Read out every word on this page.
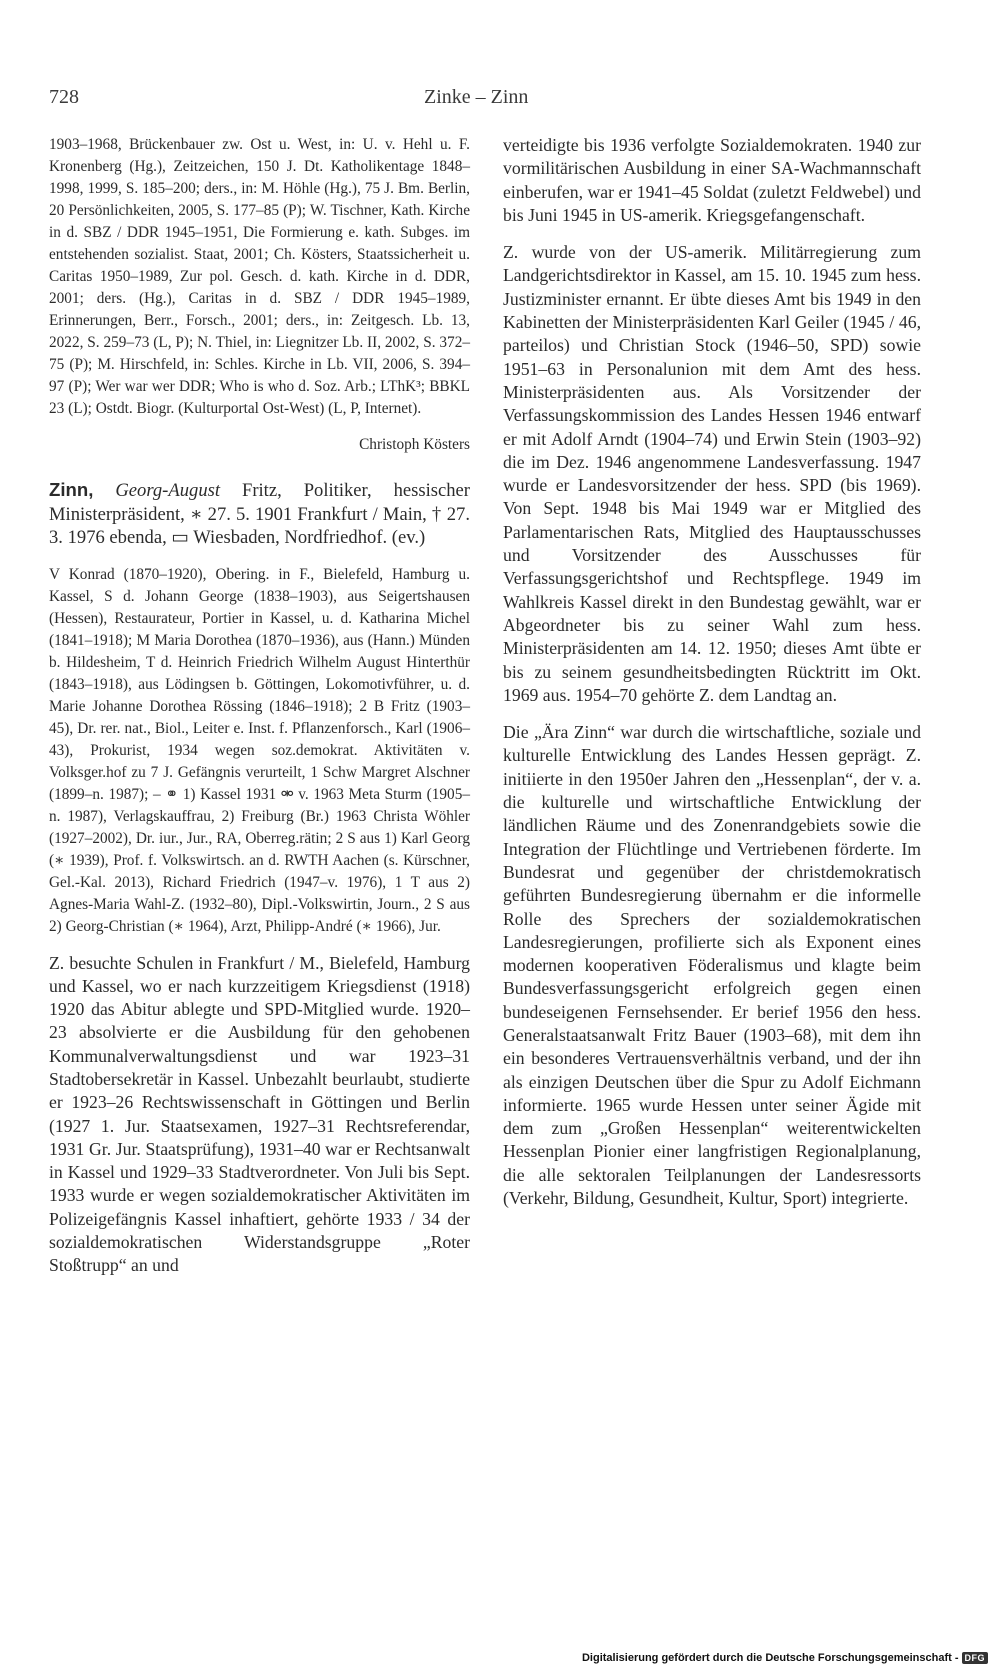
728	Zinke – Zinn

1903–1968, Brückenbauer zw. Ost u. West, in: U. v. Hehl u. F. Kronenberg (Hg.), Zeitzeichen, 150 J. Dt. Katholikentage 1848–1998, 1999, S. 185–200; ders., in: M. Höhle (Hg.), 75 J. Bm. Berlin, 20 Persönlichkeiten, 2005, S. 177–85 (P); W. Tischner, Kath. Kirche in d. SBZ / DDR 1945–1951, Die Formierung e. kath. Subges. im entstehenden sozialist. Staat, 2001; Ch. Kösters, Staatssicherheit u. Caritas 1950–1989, Zur pol. Gesch. d. kath. Kirche in d. DDR, 2001; ders. (Hg.), Caritas in d. SBZ / DDR 1945–1989, Erinnerungen, Berr., Forsch., 2001; ders., in: Zeitgesch. Lb. 13, 2022, S. 259–73 (L, P); N. Thiel, in: Liegnitzer Lb. II, 2002, S. 372–75 (P); M. Hirschfeld, in: Schles. Kirche in Lb. VII, 2006, S. 394–97 (P); Wer war wer DDR; Who is who d. Soz. Arb.; LThK³; BBKL 23 (L); Ostdt. Biogr. (Kulturportal Ost-West) (L, P, Internet).

Christoph Kösters

Zinn, Georg-August Fritz, Politiker, hessischer Ministerpräsident, ∗ 27. 5. 1901 Frankfurt / Main, † 27. 3. 1976 ebenda, ▭ Wiesbaden, Nordfriedhof. (ev.)

V Konrad (1870–1920), Obering. in F., Bielefeld, Hamburg u. Kassel, S d. Johann George (1838–1903), aus Seigertshausen (Hessen), Restaurateur, Portier in Kassel, u. d. Katharina Michel (1841–1918); M Maria Dorothea (1870–1936), aus (Hann.) Münden b. Hildesheim, T d. Heinrich Friedrich Wilhelm August Hinterthür (1843–1918), aus Lödingsen b. Göttingen, Lokomotivführer, u. d. Marie Johanne Dorothea Rössing (1846–1918); 2 B Fritz (1903–45), Dr. rer. nat., Biol., Leiter e. Inst. f. Pflanzenforsch., Karl (1906–43), Prokurist, 1934 wegen soz.demokrat. Aktivitäten v. Volksger.hof zu 7 J. Gefängnis verurteilt, 1 Schw Margret Alschner (1899–n. 1987); – ⚭ 1) Kassel 1931 ⚮ v. 1963 Meta Sturm (1905–n. 1987), Verlagskauffrau, 2) Freiburg (Br.) 1963 Christa Wöhler (1927–2002), Dr. iur., Jur., RA, Oberreg.rätin; 2 S aus 1) Karl Georg (∗ 1939), Prof. f. Volkswirtsch. an d. RWTH Aachen (s. Kürschner, Gel.-Kal. 2013), Richard Friedrich (1947–v. 1976), 1 T aus 2) Agnes-Maria Wahl-Z. (1932–80), Dipl.-Volkswirtin, Journ., 2 S aus 2) Georg-Christian (∗ 1964), Arzt, Philipp-André (∗ 1966), Jur.

Z. besuchte Schulen in Frankfurt / M., Bielefeld, Hamburg und Kassel, wo er nach kurzzeitigem Kriegsdienst (1918) 1920 das Abitur ablegte und SPD-Mitglied wurde. 1920–23 absolvierte er die Ausbildung für den gehobenen Kommunalverwaltungsdienst und war 1923–31 Stadtobersekretär in Kassel. Unbezahlt beurlaubt, studierte er 1923–26 Rechtswissenschaft in Göttingen und Berlin (1927 1. Jur. Staatsexamen, 1927–31 Rechtsreferendar, 1931 Gr. Jur. Staatsprüfung), 1931–40 war er Rechtsanwalt in Kassel und 1929–33 Stadtverordneter. Von Juli bis Sept. 1933 wurde er wegen sozialdemokratischer Aktivitäten im Polizeigefängnis Kassel inhaftiert, gehörte 1933 / 34 der sozialdemokratischen Widerstandsgruppe „Roter Stoßtrupp“ an und

verteidigte bis 1936 verfolgte Sozialdemokraten. 1940 zur vormilitärischen Ausbildung in einer SA-Wachmannschaft einberufen, war er 1941–45 Soldat (zuletzt Feldwebel) und bis Juni 1945 in US-amerik. Kriegsgefangenschaft.

Z. wurde von der US-amerik. Militärregierung zum Landgerichtsdirektor in Kassel, am 15. 10. 1945 zum hess. Justizminister ernannt. Er übte dieses Amt bis 1949 in den Kabinetten der Ministerpräsidenten Karl Geiler (1945 / 46, parteilos) und Christian Stock (1946–50, SPD) sowie 1951–63 in Personalunion mit dem Amt des hess. Ministerpräsidenten aus. Als Vorsitzender der Verfassungskommission des Landes Hessen 1946 entwarf er mit Adolf Arndt (1904–74) und Erwin Stein (1903–92) die im Dez. 1946 angenommene Landesverfassung. 1947 wurde er Landesvorsitzender der hess. SPD (bis 1969). Von Sept. 1948 bis Mai 1949 war er Mitglied des Parlamentarischen Rats, Mitglied des Hauptausschusses und Vorsitzender des Ausschusses für Verfassungsgerichtshof und Rechtspflege. 1949 im Wahlkreis Kassel direkt in den Bundestag gewählt, war er Abgeordneter bis zu seiner Wahl zum hess. Ministerpräsidenten am 14. 12. 1950; dieses Amt übte er bis zu seinem gesundheitsbedingten Rücktritt im Okt. 1969 aus. 1954–70 gehörte Z. dem Landtag an.

Die „Ära Zinn“ war durch die wirtschaftliche, soziale und kulturelle Entwicklung des Landes Hessen geprägt. Z. initiierte in den 1950er Jahren den „Hessenplan“, der v. a. die kulturelle und wirtschaftliche Entwicklung der ländlichen Räume und des Zonenrandgebiets sowie die Integration der Flüchtlinge und Vertriebenen förderte. Im Bundesrat und gegenüber der christdemokratisch geführten Bundesregierung übernahm er die informelle Rolle des Sprechers der sozialdemokratischen Landesregierungen, profilierte sich als Exponent eines modernen kooperativen Föderalismus und klagte beim Bundesverfassungsgericht erfolgreich gegen einen bundeseigenen Fernsehsender. Er berief 1956 den hess. Generalstaatsanwalt Fritz Bauer (1903–68), mit dem ihn ein besonderes Vertrauensverhältnis verband, und der ihn als einzigen Deutschen über die Spur zu Adolf Eichmann informierte. 1965 wurde Hessen unter seiner Ägide mit dem zum „Großen Hessenplan“ weiterentwickelten Hessenplan Pionier einer langfristigen Regionalplanung, die alle sektoralen Teilplanungen der Landesressorts (Verkehr, Bildung, Gesundheit, Kultur, Sport) integrierte.

Digitalisierung gefördert durch die Deutsche Forschungsgemeinschaft - DFG
